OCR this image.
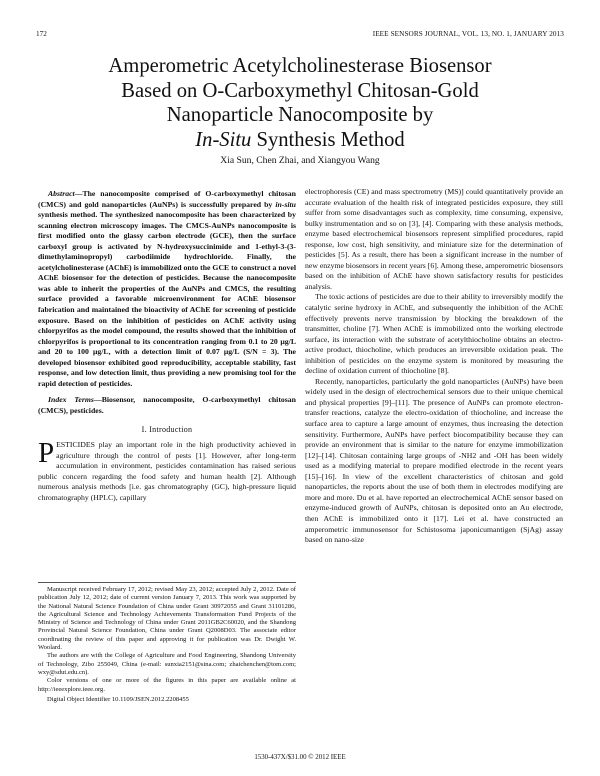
172	IEEE SENSORS JOURNAL, VOL. 13, NO. 1, JANUARY 2013
Amperometric Acetylcholinesterase Biosensor
Based on O-Carboxymethyl Chitosan-Gold
Nanoparticle Nanocomposite by
In-Situ Synthesis Method
Xia Sun, Chen Zhai, and Xiangyou Wang

Abstract—The nanocomposite comprised of O-carboxymethyl chitosan (CMCS) and gold nanoparticles (AuNPs) is successfully prepared by in-situ synthesis method. The synthesized nanocomposite has been characterized by scanning electron microscopy images. The CMCS-AuNPs nanocomposite is first modified onto the glassy carbon electrode (GCE), then the surface carboxyl group is activated by N-hydroxysuccinimide and 1-ethyl-3-(3-dimethylaminopropyl) carbodiimide hydrochloride. Finally, the acetylcholinesterase (AChE) is immobilized onto the GCE to construct a novel AChE biosensor for the detection of pesticides. Because the nanocomposite was able to inherit the properties of the AuNPs and CMCS, the resulting surface provided a favorable microenvironment for AChE biosensor fabrication and maintained the bioactivity of AChE for screening of pesticide exposure. Based on the inhibition of pesticides on AChE activity using chlorpyrifos as the model compound, the results showed that the inhibition of chlorpyrifos is proportional to its concentration ranging from 0.1 to 20 μg/L and 20 to 100 μg/L, with a detection limit of 0.07 μg/L (S/N = 3). The developed biosensor exhibited good reproducibility, acceptable stability, fast response, and low detection limit, thus providing a new promising tool for the rapid detection of pesticides.

Index Terms—Biosensor, nanocomposite, O-carboxymethyl chitosan (CMCS), pesticides.

I. Introduction

PESTICIDES play an important role in the high productivity achieved in agriculture through the control of pests [1]. However, after long-term accumulation in environment, pesticides contamination has raised serious public concern regarding the food safety and human health [2]. Although numerous analysis methods [i.e. gas chromatography (GC), high-pressure liquid chromatography (HPLC), capillary

Manuscript received February 17, 2012; revised May 23, 2012; accepted July 2, 2012. Date of publication July 12, 2012; date of current version January 7, 2013. This work was supported by the National Natural Science Foundation of China under Grant 30972055 and Grant 31101286, the Agricultural Science and Technology Achievements Transformation Fund Projects of the Ministry of Science and Technology of China under Grant 2011GB2C60020, and the Shandong Provincial Natural Science Foundation, China under Grant Q2008D03. The associate editor coordinating the review of this paper and approving it for publication was Dr. Dwight W. Woolard.

The authors are with the College of Agriculture and Food Engineering, Shandong University of Technology, Zibo 255049, China (e-mail: sunxia2151@sina.com; zhaichenchen@tom.com; wxy@sdut.edu.cn).

Color versions of one or more of the figures in this paper are available online at http://ieeexplore.ieee.org.

Digital Object Identifier 10.1109/JSEN.2012.2208455

electrophoresis (CE) and mass spectrometry (MS)] could quantitatively provide an accurate evaluation of the health risk of integrated pesticides exposure, they still suffer from some disadvantages such as complexity, time consuming, expensive, bulky instrumentation and so on [3], [4]. Comparing with these analysis methods, enzyme based electrochemical biosensors represent simplified procedures, rapid response, low cost, high sensitivity, and miniature size for the determination of pesticides [5]. As a result, there has been a significant increase in the number of new enzyme biosensors in recent years [6]. Among these, amperometric biosensors based on the inhibition of AChE have shown satisfactory results for pesticides analysis.

The toxic actions of pesticides are due to their ability to irreversibly modify the catalytic serine hydroxy in AChE, and subsequently the inhibition of the AChE effectively prevents nerve transmission by blocking the breakdown of the transmitter, choline [7]. When AChE is immobilized onto the working electrode surface, its interaction with the substrate of acetylthiocholine obtains an electro-active product, thiocholine, which produces an irreversible oxidation peak. The inhibition of pesticides on the enzyme system is monitored by measuring the decline of oxidation current of thiocholine [8].

Recently, nanoparticles, particularly the gold nanoparticles (AuNPs) have been widely used in the design of electrochemical sensors due to their unique chemical and physical properties [9]–[11]. The presence of AuNPs can promote electron-transfer reactions, catalyze the electro-oxidation of thiocholine, and increase the surface area to capture a large amount of enzymes, thus increasing the detection sensitivity. Furthermore, AuNPs have perfect biocompatibility because they can provide an environment that is similar to the nature for enzyme immobilization [12]–[14]. Chitosan containing large groups of -NH2 and -OH has been widely used as a modifying material to prepare modified electrode in the recent years [15]–[16]. In view of the excellent characteristics of chitosan and gold nanoparticles, the reports about the use of both them in electrodes modifying are more and more. Du et al. have reported an electrochemical AChE sensor based on enzyme-induced growth of AuNPs, chitosan is deposited onto an Au electrode, then AChE is immobilized onto it [17]. Lei et al. have constructed an amperometric immunosensor for Schistosoma japonicumantigen (SjAg) assay based on nano-size

1530-437X/$31.00 © 2012 IEEE
